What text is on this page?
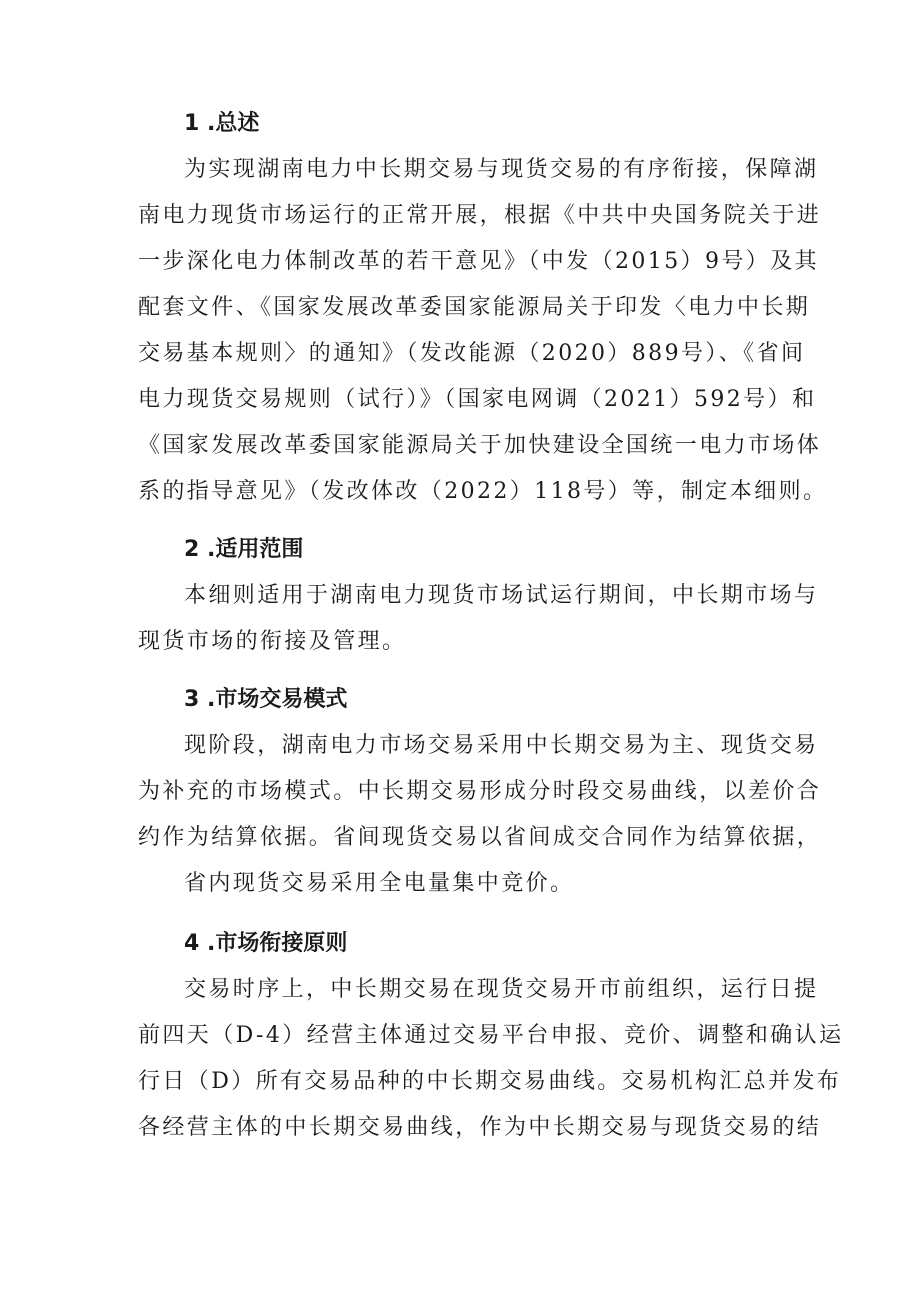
1 .总述

为实现湖南电力中长期交易与现货交易的有序衔接，保障湖
南电力现货市场运行的正常开展，根据《中共中央国务院关于进
一步深化电力体制改革的若干意见》（中发（2015）9号）及其
配套文件、《国家发展改革委国家能源局关于印发〈电力中长期
交易基本规则〉的通知》（发改能源（2020）889号）、《省间
电力现货交易规则（试行）》（国家电网调（2021）592号）和
《国家发展改革委国家能源局关于加快建设全国统一电力市场体
系的指导意见》（发改体改（2022）118号）等，制定本细则。

2 .适用范围

本细则适用于湖南电力现货市场试运行期间，中长期市场与
现货市场的衔接及管理。

3 .市场交易模式

现阶段，湖南电力市场交易采用中长期交易为主、现货交易
为补充的市场模式。中长期交易形成分时段交易曲线，以差价合
约作为结算依据。省间现货交易以省间成交合同作为结算依据，
省内现货交易采用全电量集中竞价。

4 .市场衔接原则

交易时序上，中长期交易在现货交易开市前组织，运行日提
前四天（D-4）经营主体通过交易平台申报、竞价、调整和确认运
行日（D）所有交易品种的中长期交易曲线。交易机构汇总并发布
各经营主体的中长期交易曲线，作为中长期交易与现货交易的结
